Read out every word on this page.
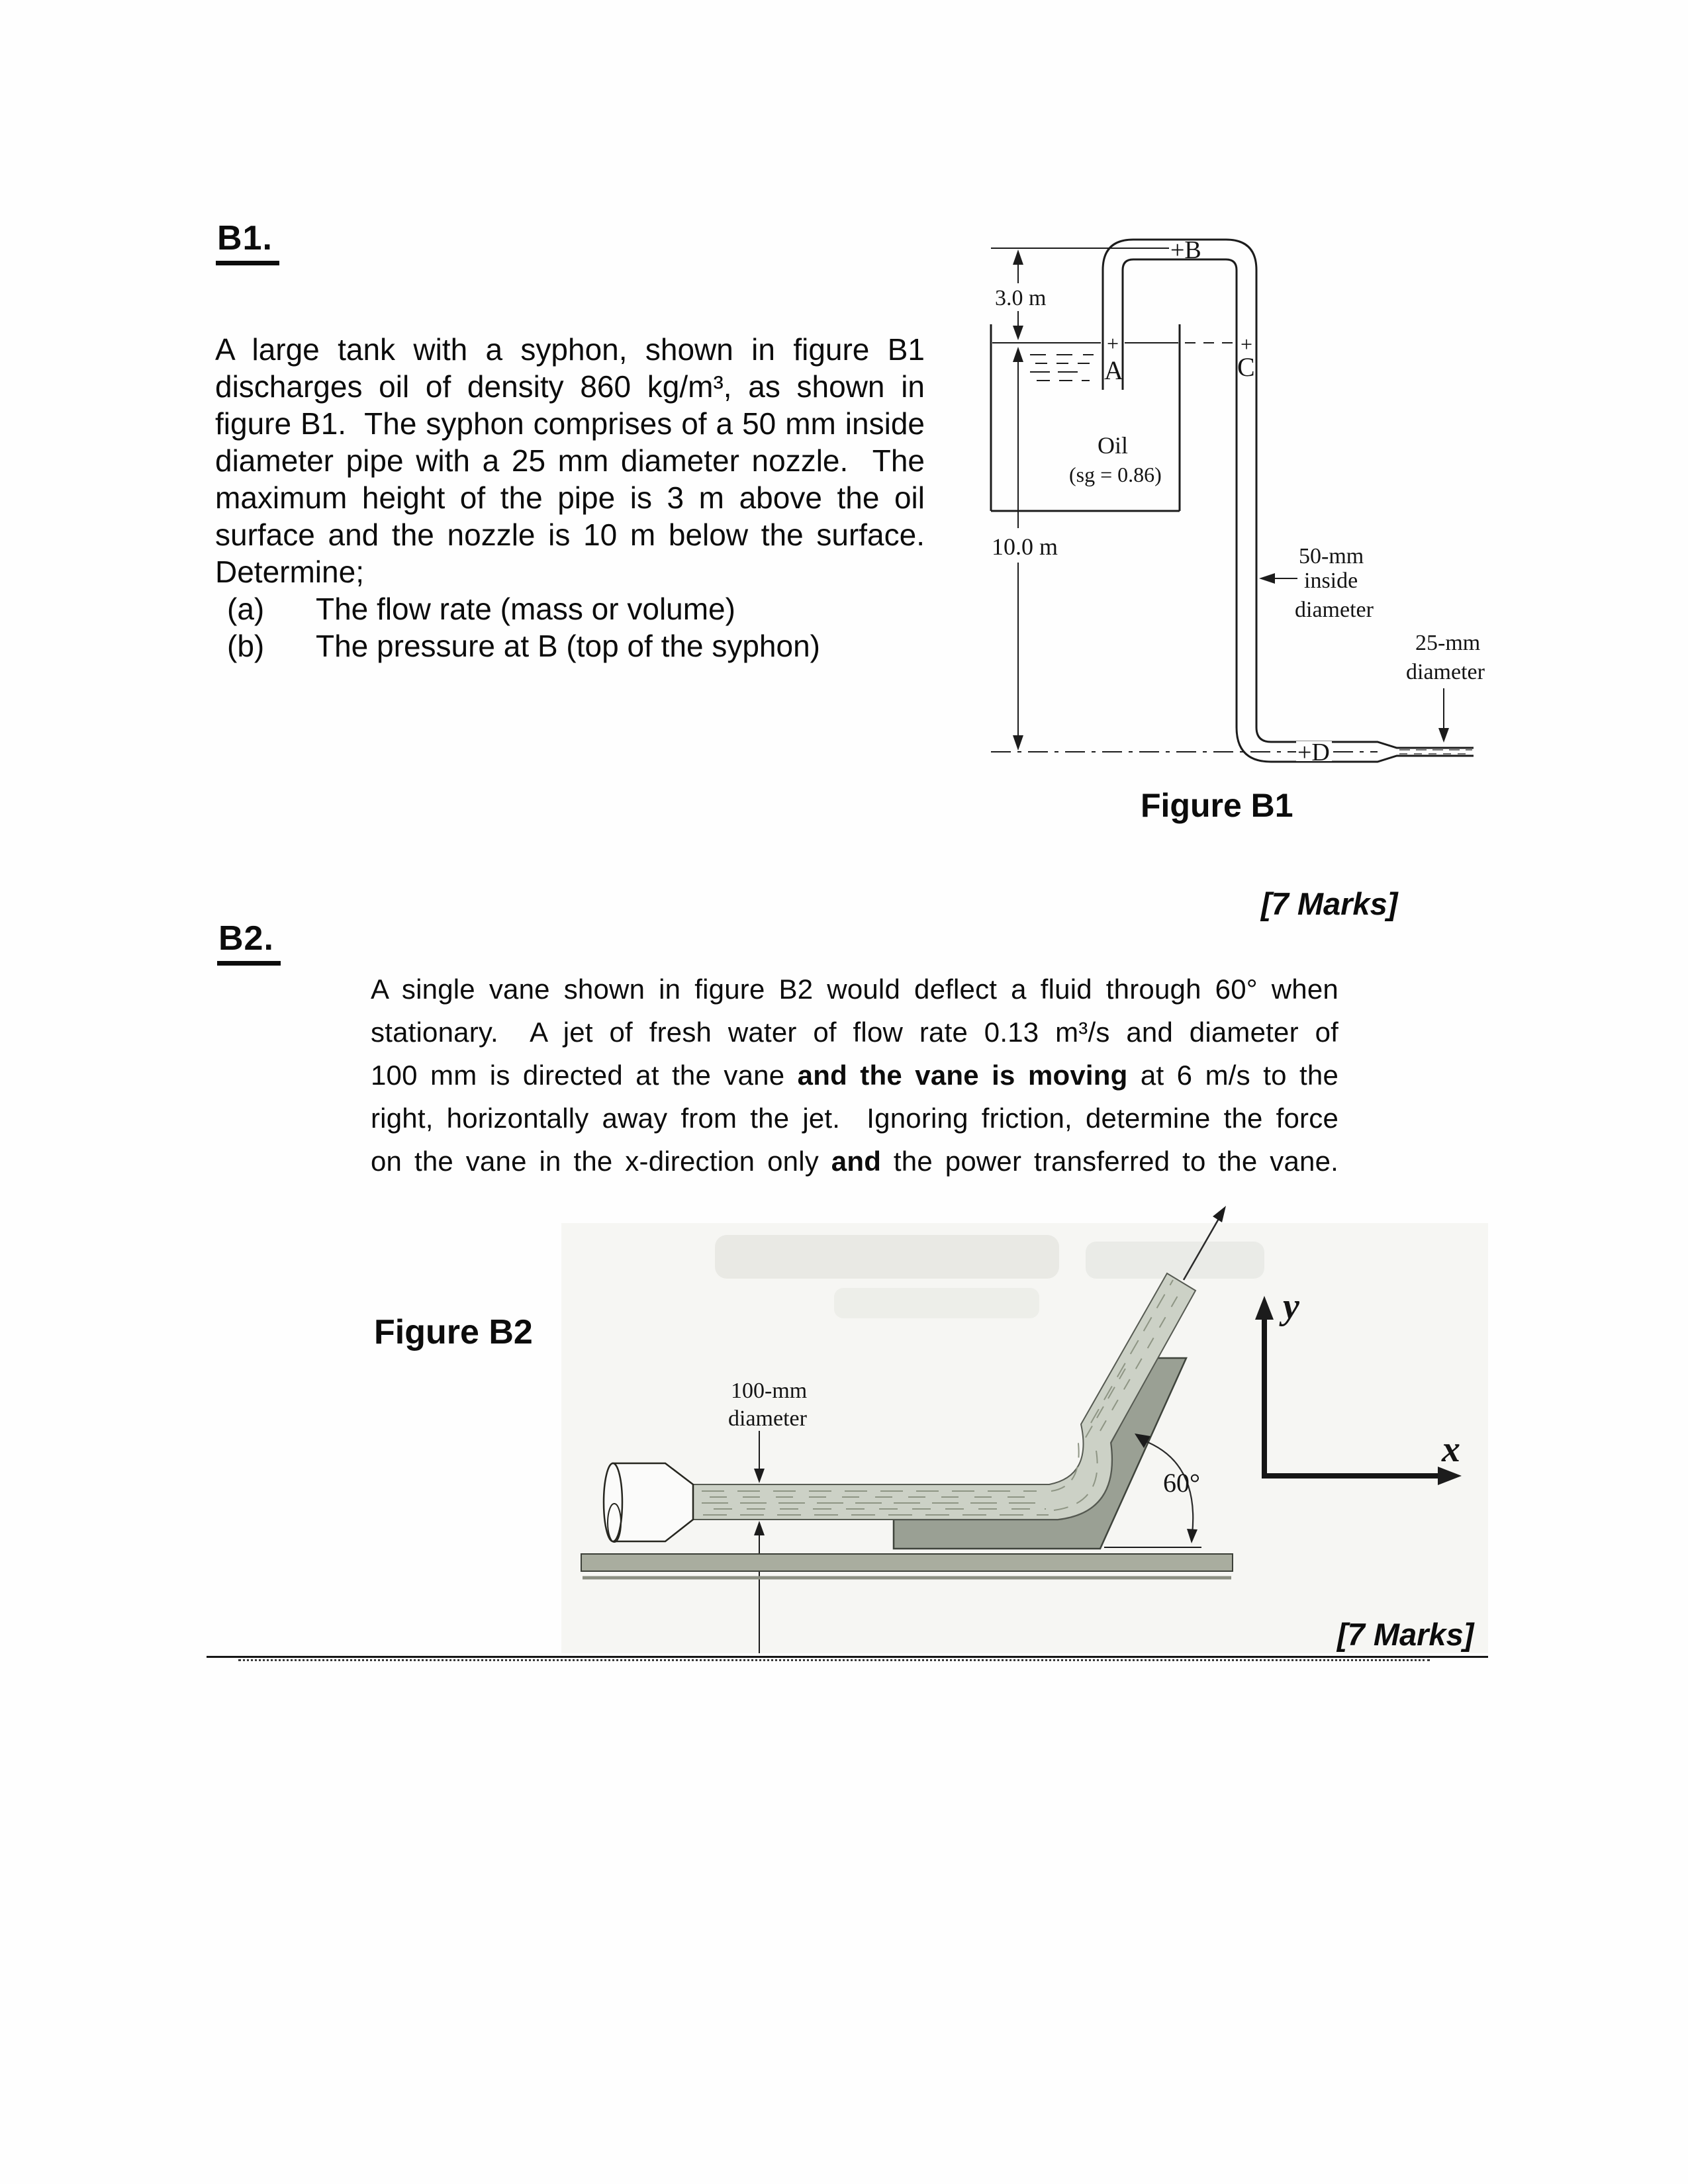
B1.
A large tank with a syphon, shown in figure B1
discharges oil of density 860 kg/m³, as shown in
figure B1.  The syphon comprises of a 50 mm inside
diameter pipe with a 25 mm diameter nozzle.  The
maximum height of the pipe is 3 m above the oil
surface and the nozzle is 10 m below the surface.
Determine;
(a) The flow rate (mass or volume)
(b) The pressure at B (top of the syphon)
3.0 m
10.0 m
+B
+
A
+
C
+D
Oil
(sg = 0.86)
50-mm
inside
diameter
25-mm
diameter
Figure B1
[7 Marks]
B2.
A single vane shown in figure B2 would deflect a fluid through 60° when
stationary.  A jet of fresh water of flow rate 0.13 m³/s and diameter of
100 mm is directed at the vane and the vane is moving at 6 m/s to the
right, horizontally away from the jet.  Ignoring friction, determine the force
on the vane in the x-direction only and the power transferred to the vane.
Figure B2
100-mm
diameter
60°
y
x
[7 Marks]
